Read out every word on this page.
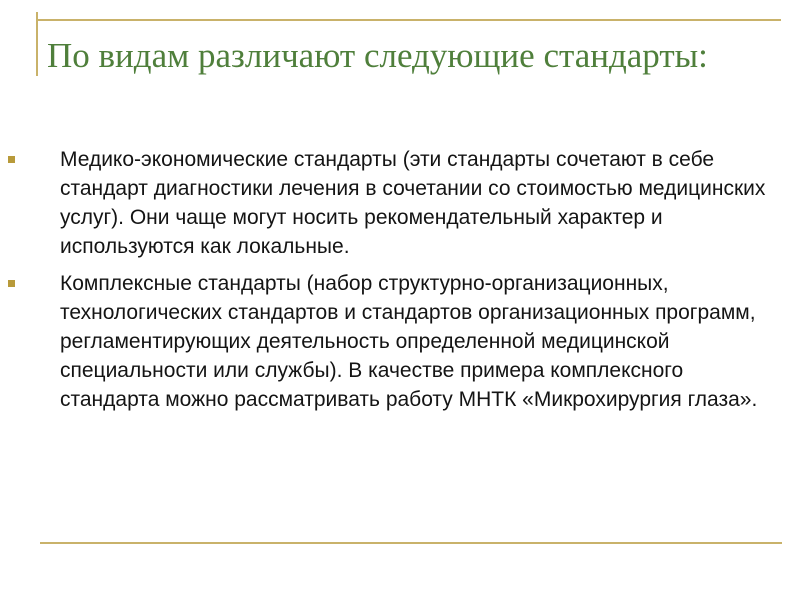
По видам различают следующие стандарты:
Медико-экономические стандарты (эти стандарты сочетают в себе стандарт диагностики лечения в сочетании со стоимостью медицинских услуг). Они чаще могут носить рекомендательный характер и используются как локальные.
Комплексные стандарты (набор структурно-организационных, технологических стандартов и стандартов организационных программ, регламентирующих деятельность определенной медицинской специальности или службы). В качестве примера комплексного стандарта можно рассматривать работу МНТК «Микрохирургия глаза».
